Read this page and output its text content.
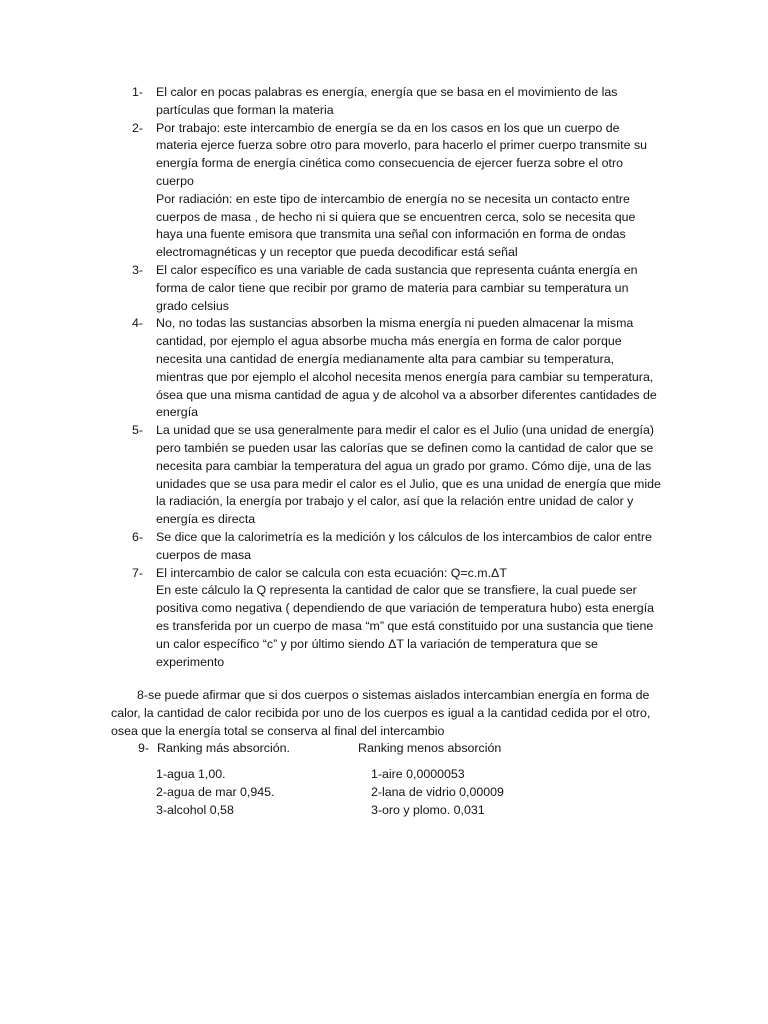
1- El calor en pocas palabras es energía, energía que se basa en el movimiento de las partículas que forman la materia
2- Por trabajo: este intercambio de energía se da en los casos en los que un cuerpo de materia ejerce fuerza sobre otro para moverlo, para hacerlo el primer cuerpo transmite su energía forma de energía cinética como consecuencia de ejercer fuerza sobre el otro cuerpo
Por radiación: en este tipo de intercambio de energía no se necesita un contacto entre cuerpos de masa , de hecho ni si quiera que se encuentren cerca, solo se necesita que haya una fuente emisora que transmita una señal con información en forma de ondas electromagnéticas y un receptor que pueda decodificar está señal
3- El calor específico es una variable de cada sustancia que representa cuánta energía en forma de calor tiene que recibir por gramo de materia para cambiar su temperatura un grado celsius
4- No, no todas las sustancias absorben la misma energía ni pueden almacenar la misma cantidad, por ejemplo el agua absorbe mucha más energía en forma de calor porque necesita una cantidad de energía medianamente alta para cambiar su temperatura, mientras que por ejemplo el alcohol necesita menos energía para cambiar su temperatura, ósea que una misma cantidad de agua y de alcohol va a absorber diferentes cantidades de energía
5- La unidad que se usa generalmente para medir el calor es el Julio (una unidad de energía) pero también se pueden usar las calorías que se definen como la cantidad de calor que se necesita para cambiar la temperatura del agua un grado por gramo. Cómo dije, una de las unidades que se usa para medir el calor es el Julio, que es una unidad de energía que mide la radiación, la energía por trabajo y el calor, así que la relación entre unidad de calor y energía es directa
6- Se dice que la calorimetría es la medición y los cálculos de los intercambios de calor entre cuerpos de masa
7- El intercambio de calor se calcula con esta ecuación: Q=c.m.ΔT
En este cálculo la Q representa la cantidad de calor que se transfiere, la cual puede ser positiva como negativa ( dependiendo de que variación de temperatura hubo) esta energía es transferida por un cuerpo de masa “m” que está constituido por una sustancia que tiene un calor específico “c” y por último siendo ΔT la variación de temperatura que se experimento

8-se puede afirmar que si dos cuerpos o sistemas aislados intercambian energía en forma de calor, la cantidad de calor recibida por uno de los cuerpos es igual a la cantidad cedida por el otro, osea que la energía total se conserva al final del intercambio

9- Ranking más absorción.	Ranking menos absorción
1-agua 1,00.
2-agua de mar 0,945.
3-alcohol 0,58
1-aire 0,0000053
2-lana de vidrio 0,00009
3-oro y plomo. 0,031
